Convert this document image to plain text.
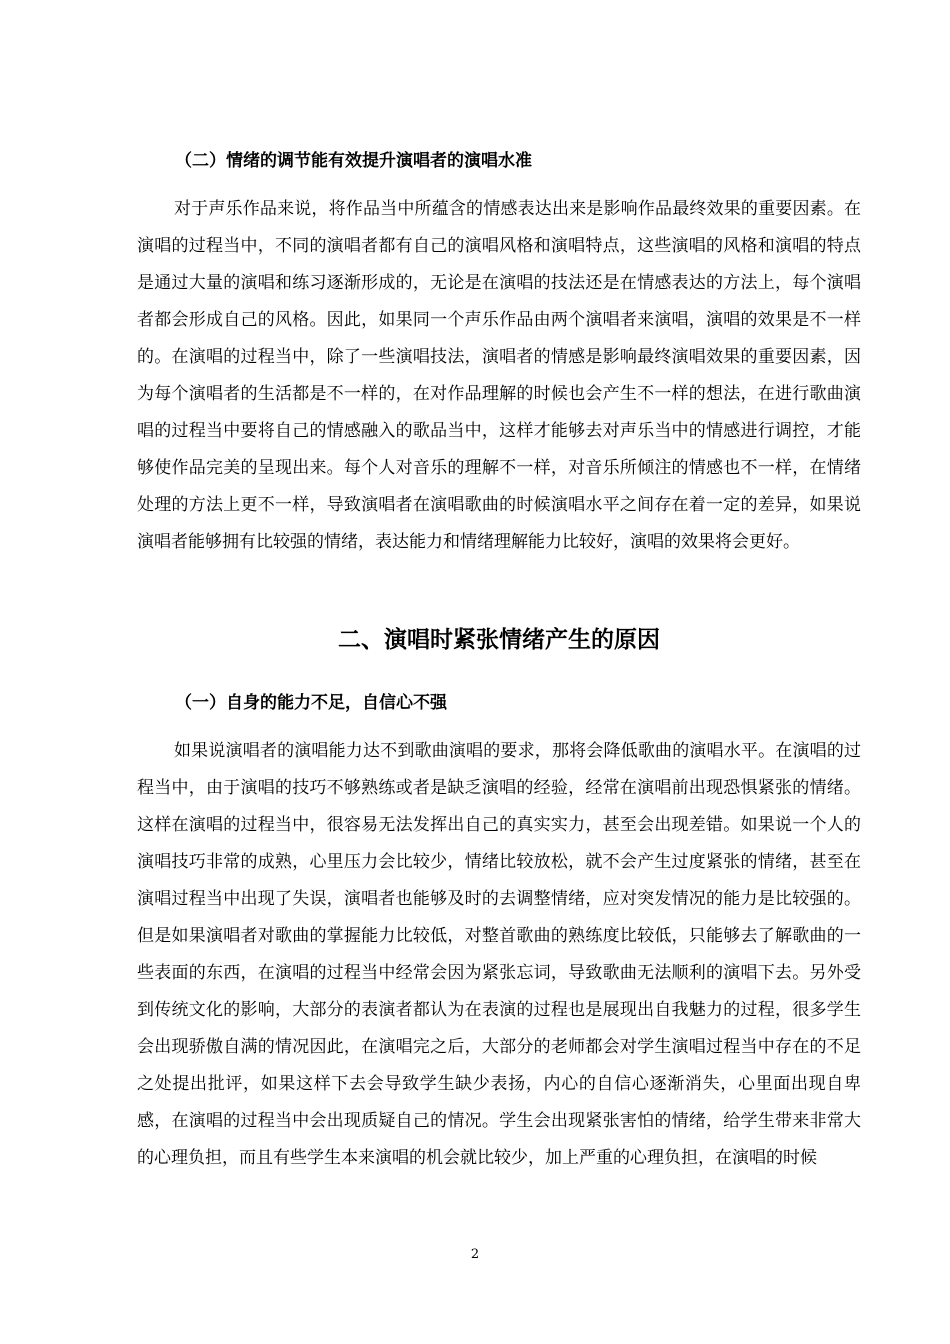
（二）情绪的调节能有效提升演唱者的演唱水准

对于声乐作品来说，将作品当中所蕴含的情感表达出来是影响作品最终效果的重要因素。在演唱的过程当中，不同的演唱者都有自己的演唱风格和演唱特点，这些演唱的风格和演唱的特点是通过大量的演唱和练习逐渐形成的，无论是在演唱的技法还是在情感表达的方法上，每个演唱者都会形成自己的风格。因此，如果同一个声乐作品由两个演唱者来演唱，演唱的效果是不一样的。在演唱的过程当中，除了一些演唱技法，演唱者的情感是影响最终演唱效果的重要因素，因为每个演唱者的生活都是不一样的，在对作品理解的时候也会产生不一样的想法，在进行歌曲演唱的过程当中要将自己的情感融入的歌品当中，这样才能够去对声乐当中的情感进行调控，才能够使作品完美的呈现出来。每个人对音乐的理解不一样，对音乐所倾注的情感也不一样，在情绪处理的方法上更不一样，导致演唱者在演唱歌曲的时候演唱水平之间存在着一定的差异，如果说演唱者能够拥有比较强的情绪，表达能力和情绪理解能力比较好，演唱的效果将会更好。

二、演唱时紧张情绪产生的原因
（一）自身的能力不足，自信心不强

如果说演唱者的演唱能力达不到歌曲演唱的要求，那将会降低歌曲的演唱水平。在演唱的过程当中，由于演唱的技巧不够熟练或者是缺乏演唱的经验，经常在演唱前出现恐惧紧张的情绪。这样在演唱的过程当中，很容易无法发挥出自己的真实实力，甚至会出现差错。如果说一个人的演唱技巧非常的成熟，心里压力会比较少，情绪比较放松，就不会产生过度紧张的情绪，甚至在演唱过程当中出现了失误，演唱者也能够及时的去调整情绪，应对突发情况的能力是比较强的。但是如果演唱者对歌曲的掌握能力比较低，对整首歌曲的熟练度比较低，只能够去了解歌曲的一些表面的东西，在演唱的过程当中经常会因为紧张忘词，导致歌曲无法顺利的演唱下去。另外受到传统文化的影响，大部分的表演者都认为在表演的过程也是展现出自我魅力的过程，很多学生会出现骄傲自满的情况因此，在演唱完之后，大部分的老师都会对学生演唱过程当中存在的不足之处提出批评，如果这样下去会导致学生缺少表扬，内心的自信心逐渐消失，心里面出现自卑感，在演唱的过程当中会出现质疑自己的情况。学生会出现紧张害怕的情绪，给学生带来非常大的心理负担，而且有些学生本来演唱的机会就比较少，加上严重的心理负担，在演唱的时候

2
